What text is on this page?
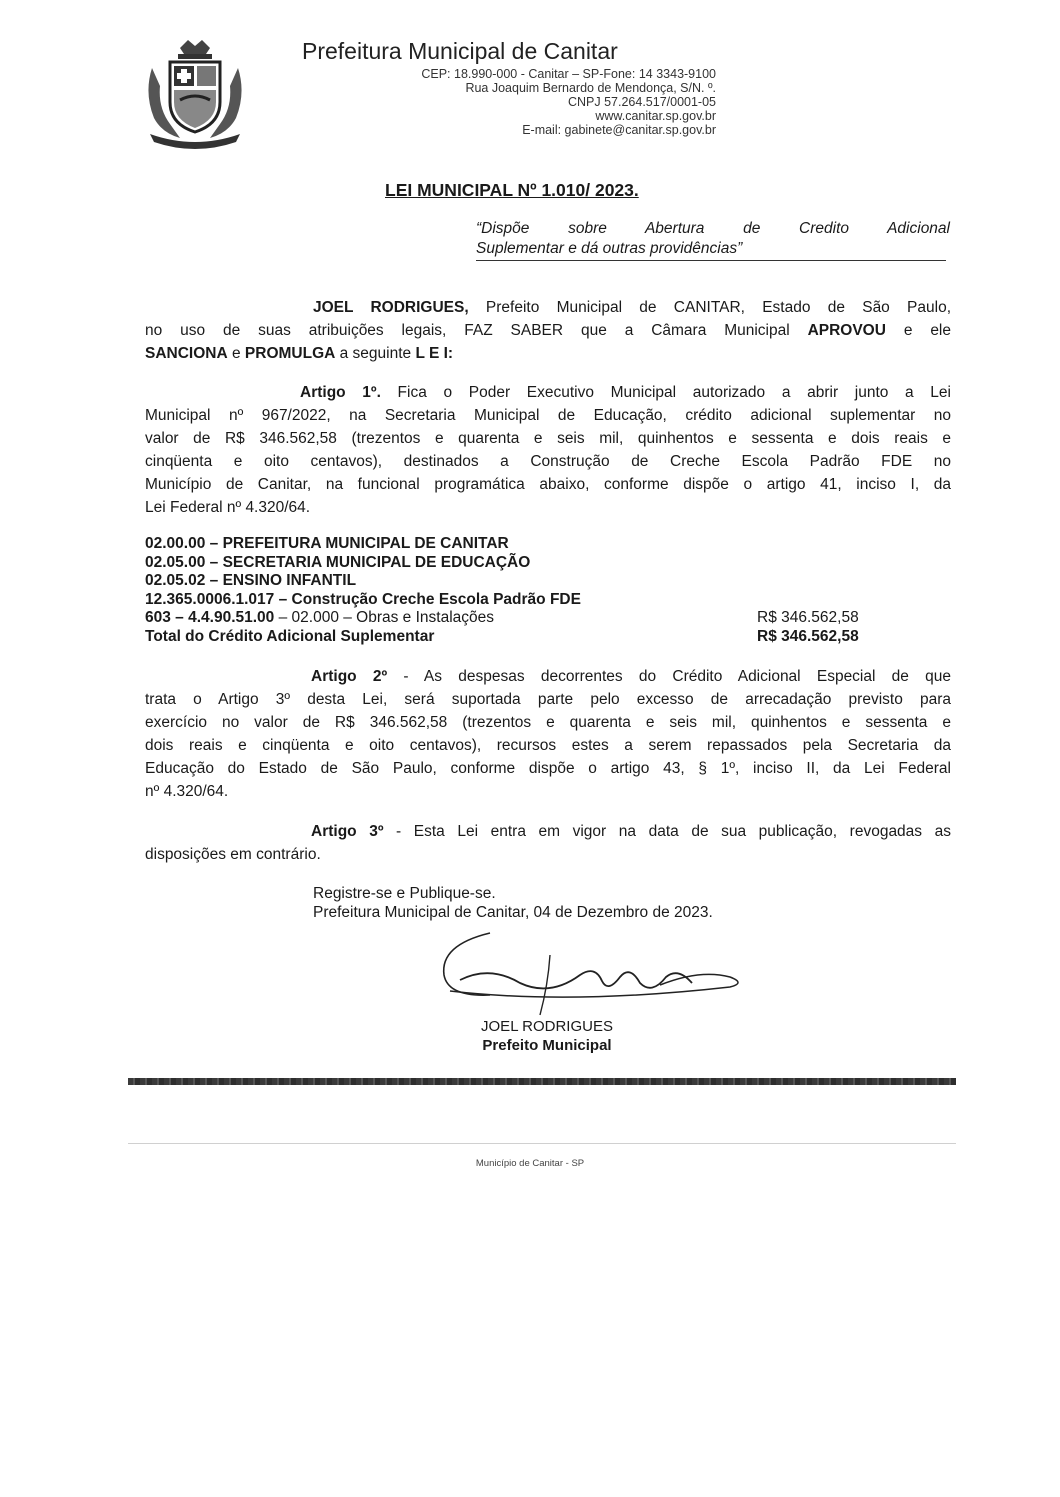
Prefeitura Municipal de Canitar
CEP: 18.990-000 - Canitar – SP-Fone: 14 3343-9100
Rua Joaquim Bernardo de Mendonça, S/N. º.
CNPJ 57.264.517/0001-05
www.canitar.sp.gov.br
E-mail: gabinete@canitar.sp.gov.br
LEI MUNICIPAL Nº 1.010/ 2023.
“Dispõe sobre Abertura de Credito Adicional
Suplementar e dá outras providências”
JOEL RODRIGUES, Prefeito Municipal de CANITAR, Estado de São Paulo,
no uso de suas atribuições legais, FAZ SABER que a Câmara Municipal APROVOU e ele
SANCIONA e PROMULGA a seguinte L E I:
Artigo 1º. Fica o Poder Executivo Municipal autorizado a abrir junto a Lei
Municipal nº 967/2022, na Secretaria Municipal de Educação, crédito adicional suplementar no
valor de R$ 346.562,58 (trezentos e quarenta e seis mil, quinhentos e sessenta e dois reais e
cinqüenta e oito centavos), destinados a Construção de Creche Escola Padrão FDE no
Município de Canitar, na funcional programática abaixo, conforme dispõe o artigo 41, inciso I, da
Lei Federal nº 4.320/64.
02.00.00 – PREFEITURA MUNICIPAL DE CANITAR
02.05.00 – SECRETARIA MUNICIPAL DE EDUCAÇÃO
02.05.02 – ENSINO INFANTIL
12.365.0006.1.017 – Construção Creche Escola Padrão FDE
603 – 4.4.90.51.00 – 02.000 – Obras e Instalações	R$ 346.562,58
Total do Crédito Adicional Suplementar	R$ 346.562,58
Artigo 2º - As despesas decorrentes do Crédito Adicional Especial de que
trata o Artigo 3º desta Lei, será suportada parte pelo excesso de arrecadação previsto para
exercício no valor de R$ 346.562,58 (trezentos e quarenta e seis mil, quinhentos e sessenta e
dois reais e cinqüenta e oito centavos), recursos estes a serem repassados pela Secretaria da
Educação do Estado de São Paulo, conforme dispõe o artigo 43, § 1º, inciso II, da Lei Federal
nº 4.320/64.
Artigo 3º - Esta Lei entra em vigor na data de sua publicação, revogadas as
disposições em contrário.
Registre-se e Publique-se.
Prefeitura Municipal de Canitar, 04 de Dezembro de 2023.
JOEL RODRIGUES
Prefeito Municipal
Município de Canitar - SP
